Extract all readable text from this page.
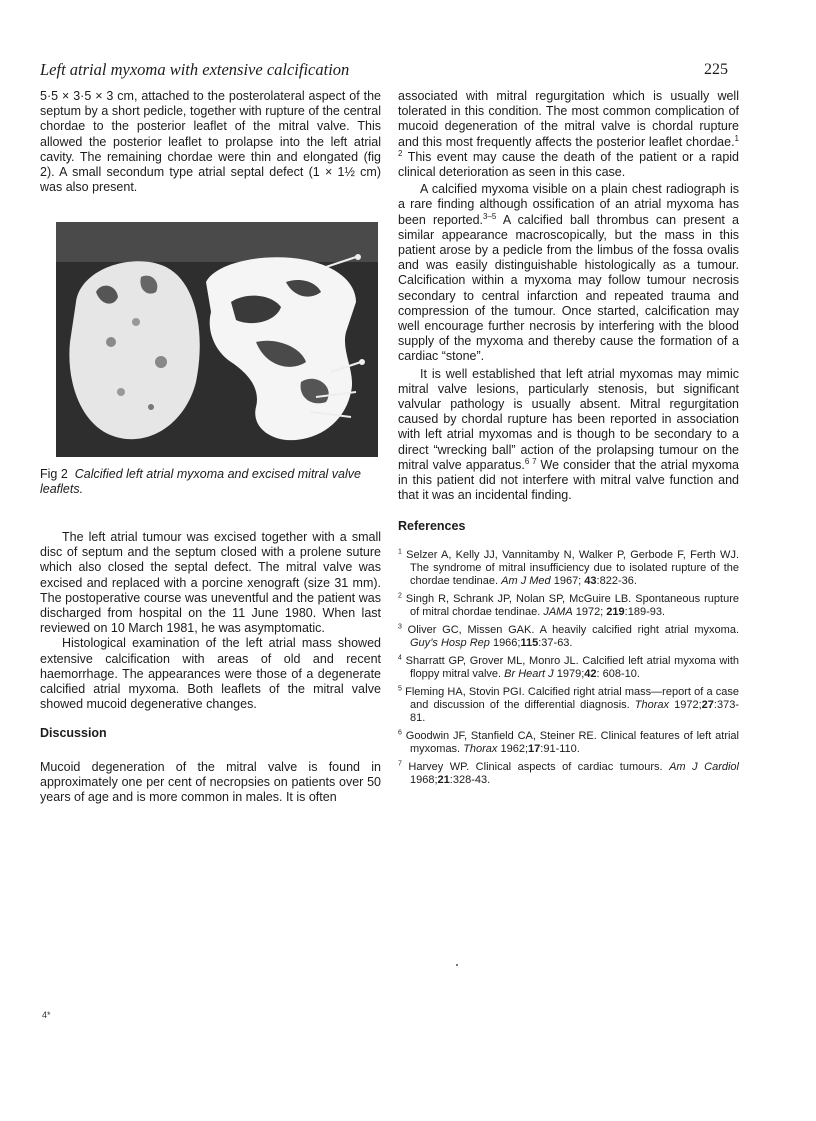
Left atrial myxoma with extensive calcification	225

5·5 × 3·5 × 3 cm, attached to the posterolateral aspect of the septum by a short pedicle, together with rupture of the central chordae to the posterior leaflet of the mitral valve. This allowed the posterior leaflet to prolapse into the left atrial cavity. The remaining chordae were thin and elongated (fig 2). A small secondum type atrial septal defect (1 × 1½ cm) was also present.

Fig 2 Calcified left atrial myxoma and excised mitral valve leaflets.

The left atrial tumour was excised together with a small disc of septum and the septum closed with a prolene suture which also closed the septal defect. The mitral valve was excised and replaced with a porcine xenograft (size 31 mm). The postoperative course was uneventful and the patient was discharged from hospital on the 11 June 1980. When last reviewed on 10 March 1981, he was asymptomatic.

Histological examination of the left atrial mass showed extensive calcification with areas of old and recent haemorrhage. The appearances were those of a degenerate calcified atrial myxoma. Both leaflets of the mitral valve showed mucoid degenerative changes.

Discussion

Mucoid degeneration of the mitral valve is found in approximately one per cent of necropsies on patients over 50 years of age and is more common in males. It is often

associated with mitral regurgitation which is usually well tolerated in this condition. The most common complication of mucoid degeneration of the mitral valve is chordal rupture and this most frequently affects the posterior leaflet chordae.$^{1 2}$ This event may cause the death of the patient or a rapid clinical deterioration as seen in this case.

A calcified myxoma visible on a plain chest radiograph is a rare finding although ossification of an atrial myxoma has been reported.$^{3-5}$ A calcified ball thrombus can present a similar appearance macroscopically, but the mass in this patient arose by a pedicle from the limbus of the fossa ovalis and was easily distinguishable histologically as a tumour. Calcification within a myxoma may follow tumour necrosis secondary to central infarction and repeated trauma and compression of the tumour. Once started, calcification may well encourage further necrosis by interfering with the blood supply of the myxoma and thereby cause the formation of a cardiac “stone”.

It is well established that left atrial myxomas may mimic mitral valve lesions, particularly stenosis, but significant valvular pathology is usually absent. Mitral regurgitation caused by chordal rupture has been reported in association with left atrial myxomas and is though to be secondary to a direct “wrecking ball” action of the prolapsing tumour on the mitral valve apparatus.$^{6 7}$ We consider that the atrial myxoma in this patient did not interfere with mitral valve function and that it was an incidental finding.

References
$^1$ Selzer A, Kelly JJ, Vannitamby N, Walker P, Gerbode F, Ferth WJ. The syndrome of mitral insufficiency due to isolated rupture of the chordae tendinae. Am J Med 1967; 43:822-36.
$^2$ Singh R, Schrank JP, Nolan SP, McGuire LB. Spontaneous rupture of mitral chordae tendinae. JAMA 1972; 219:189-93.
$^3$ Oliver GC, Missen GAK. A heavily calcified right atrial myxoma. Guy’s Hosp Rep 1966;115:37-63.
$^4$ Sharratt GP, Grover ML, Monro JL. Calcified left atrial myxoma with floppy mitral valve. Br Heart J 1979;42: 608-10.
$^5$ Fleming HA, Stovin PGI. Calcified right atrial mass—report of a case and discussion of the differential diagnosis. Thorax 1972;27:373-81.
$^6$ Goodwin JF, Stanfield CA, Steiner RE. Clinical features of left atrial myxomas. Thorax 1962;17:91-110.
$^7$ Harvey WP. Clinical aspects of cardiac tumours. Am J Cardiol 1968;21:328-43.
4*
